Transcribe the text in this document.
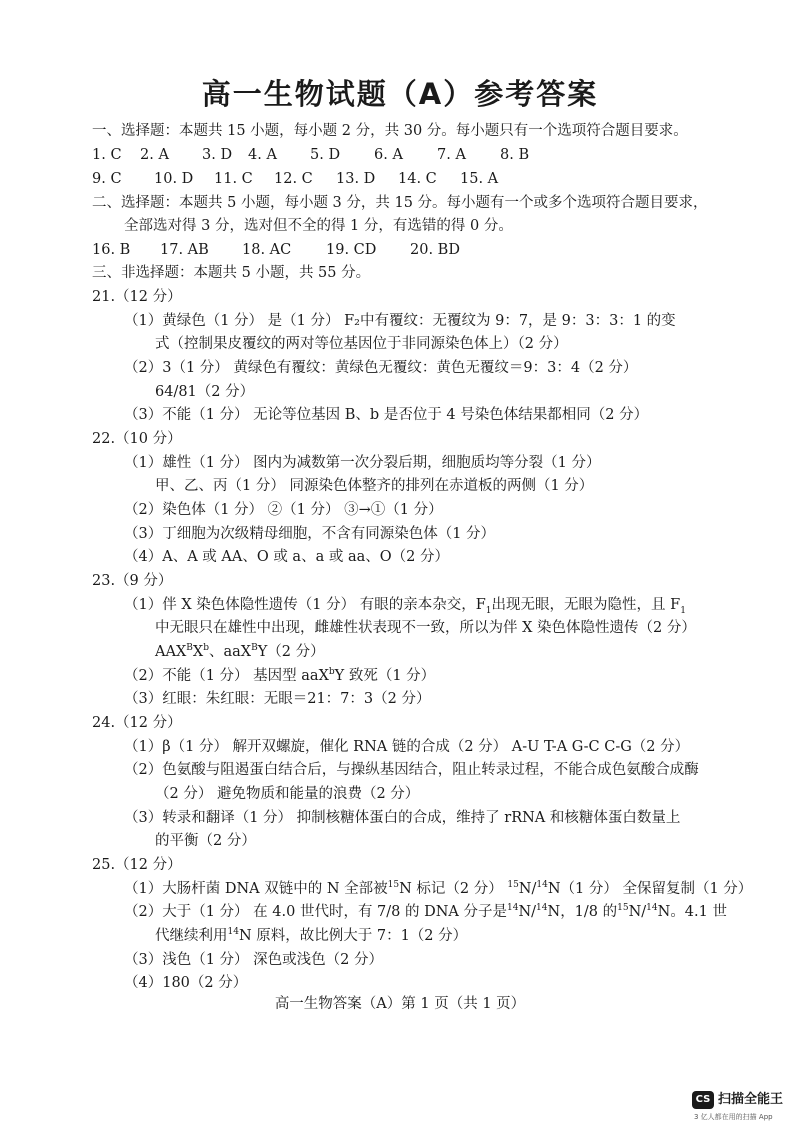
高一生物试题（A）参考答案
一、选择题：本题共 15 小题，每小题 2 分，共 30 分。每小题只有一个选项符合题目要求。
1. C 2. A 3. D 4. A 5. D 6. A 7. A 8. B
9. C 10. D 11. C 12. C 13. D 14. C 15. A
二、选择题：本题共 5 小题，每小题 3 分，共 15 分。每小题有一个或多个选项符合题目要求，
全部选对得 3 分，选对但不全的得 1 分，有选错的得 0 分。
16. B 17. AB 18. AC 19. CD 20. BD
三、非选择题：本题共 5 小题，共 55 分。
21.（12 分）
（1）黄绿色（1 分） 是（1 分） F₂中有覆纹：无覆纹为 9：7，是 9：3：3：1 的变
式（控制果皮覆纹的两对等位基因位于非同源染色体上）（2 分）
（2）3（1 分） 黄绿色有覆纹：黄绿色无覆纹：黄色无覆纹＝9：3：4（2 分）
64/81（2 分）
（3）不能（1 分） 无论等位基因 B、b 是否位于 4 号染色体结果都相同（2 分）
22.（10 分）
（1）雄性（1 分） 图内为减数第一次分裂后期，细胞质均等分裂（1 分）
甲、乙、丙（1 分） 同源染色体整齐的排列在赤道板的两侧（1 分）
（2）染色体（1 分） ②（1 分） ③→①（1 分）
（3）丁细胞为次级精母细胞，不含有同源染色体（1 分）
（4）A、A 或 AA、O 或 a、a 或 aa、O（2 分）
23.（9 分）
（1）伴 X 染色体隐性遗传（1 分） 有眼的亲本杂交，$F_1$出现无眼，无眼为隐性，且 $F_1$
中无眼只在雄性中出现，雌雄性状表现不一致，所以为伴 X 染色体隐性遗传（2 分）
$AAX^BX^b$、aaX$^B$Y（2 分）
（2）不能（1 分） 基因型 aaX$^b$Y 致死（1 分）
（3）红眼：朱红眼：无眼＝21：7：3（2 分）
24.（12 分）
（1）β（1 分） 解开双螺旋，催化 RNA 链的合成（2 分） A-U T-A G-C C-G（2 分）
（2）色氨酸与阻遏蛋白结合后，与操纵基因结合，阻止转录过程，不能合成色氨酸合成酶
（2 分） 避免物质和能量的浪费（2 分）
（3）转录和翻译（1 分） 抑制核糖体蛋白的合成，维持了 rRNA 和核糖体蛋白数量上
的平衡（2 分）
25.（12 分）
（1）大肠杆菌 DNA 双链中的 N 全部被$^{15}$N 标记（2 分） $^{15}$N/$^{14}$N（1 分） 全保留复制（1 分）
（2）大于（1 分） 在 4.0 世代时，有 7/8 的 DNA 分子是$^{14}$N/$^{14}$N，1/8 的$^{15}$N/$^{14}$N。4.1 世
代继续利用$^{14}$N 原料，故比例大于 7：1（2 分）
（3）浅色（1 分） 深色或浅色（2 分）
（4）180（2 分）
高一生物答案（A）第 1 页（共 1 页）
CS 扫描全能王
3 亿人都在用的扫描 App
